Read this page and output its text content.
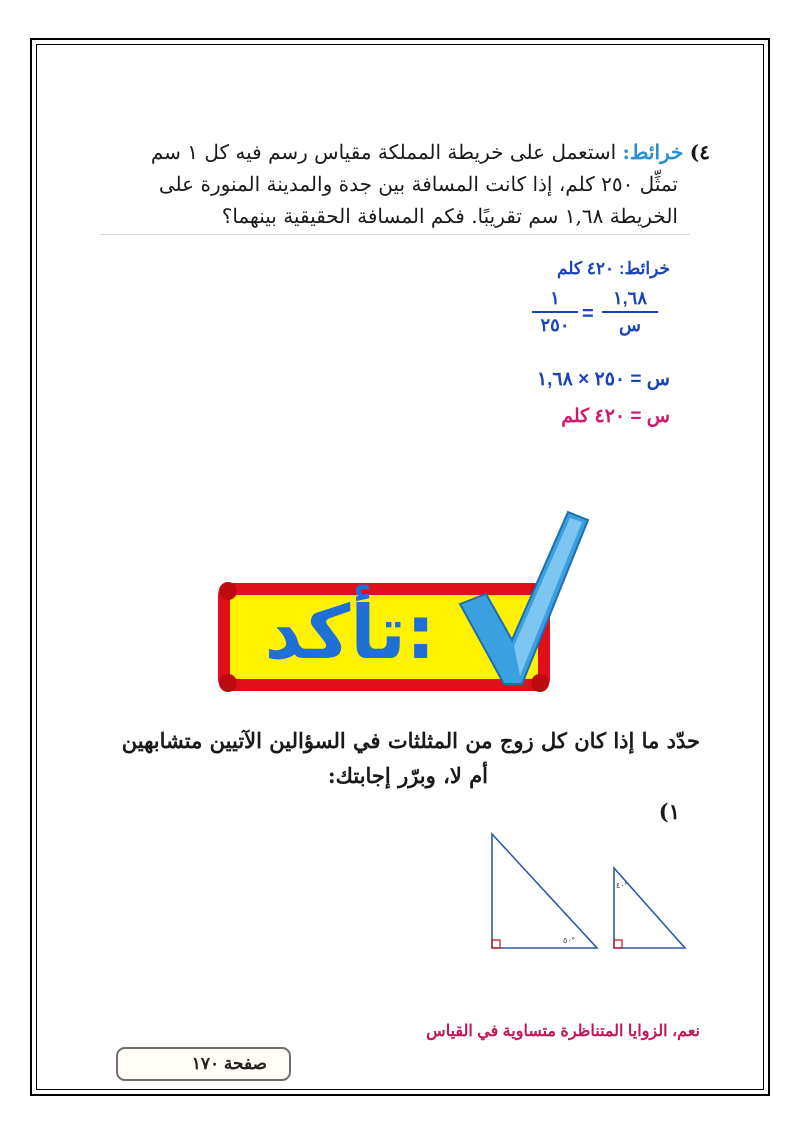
٤) خرائط: استعمل على خريطة المملكة مقياس رسم فيه كل ١ سم
تمثِّل ٢٥٠ كلم، إذا كانت المسافة بين جدة والمدينة المنورة على
الخريطة ١,٦٨ سم تقريبًا. فكم المسافة الحقيقية بينهما؟
خرائط: ٤٢٠ كلم
١,٦٨
س
=
١
٢٥٠
س = ٢٥٠ × ١,٦٨
س = ٤٢٠ كلم
تأكد:
حدّد ما إذا كان كل زوج من المثلثات في السؤالين الآتيين متشابهين
أم لا، وبرّر إجابتك:
(١
٥٠°
٤٠°
نعم، الزوايا المتناظرة متساوية في القياس
صفحة ١٧٠
